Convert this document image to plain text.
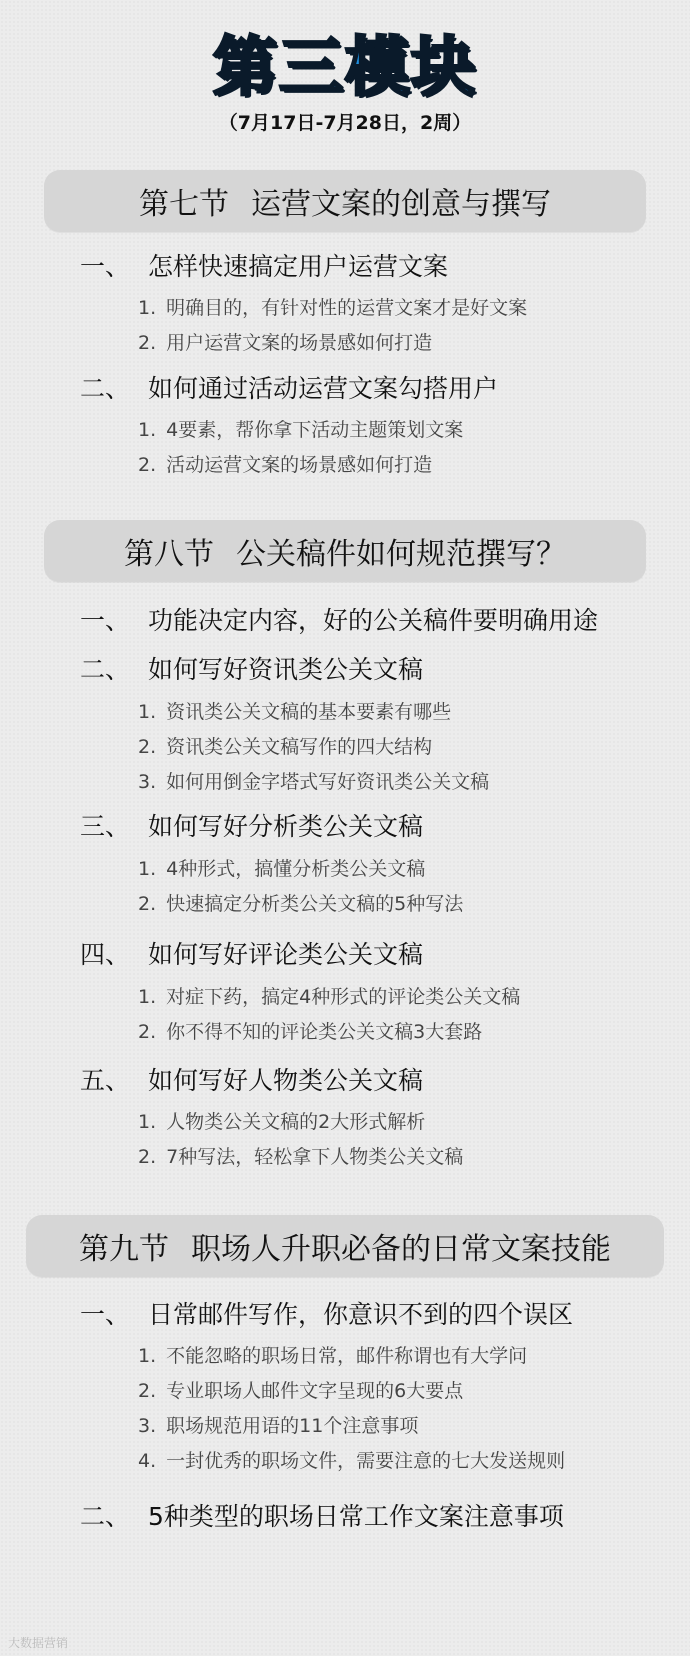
第三模块
（7月17日-7月28日，2周）
第七节 运营文案的创意与撰写
一、 怎样快速搞定用户运营文案
1. 明确目的，有针对性的运营文案才是好文案
2. 用户运营文案的场景感如何打造
二、 如何通过活动运营文案勾搭用户
1. 4要素，帮你拿下活动主题策划文案
2. 活动运营文案的场景感如何打造
第八节 公关稿件如何规范撰写？
一、 功能决定内容，好的公关稿件要明确用途
二、 如何写好资讯类公关文稿
1. 资讯类公关文稿的基本要素有哪些
2. 资讯类公关文稿写作的四大结构
3. 如何用倒金字塔式写好资讯类公关文稿
三、 如何写好分析类公关文稿
1. 4种形式，搞懂分析类公关文稿
2. 快速搞定分析类公关文稿的5种写法
四、 如何写好评论类公关文稿
1. 对症下药，搞定4种形式的评论类公关文稿
2. 你不得不知的评论类公关文稿3大套路
五、 如何写好人物类公关文稿
1. 人物类公关文稿的2大形式解析
2. 7种写法，轻松拿下人物类公关文稿
第九节 职场人升职必备的日常文案技能
一、 日常邮件写作，你意识不到的四个误区
1. 不能忽略的职场日常，邮件称谓也有大学问
2. 专业职场人邮件文字呈现的6大要点
3. 职场规范用语的11个注意事项
4. 一封优秀的职场文件，需要注意的七大发送规则
二、 5种类型的职场日常工作文案注意事项
大数据营销
